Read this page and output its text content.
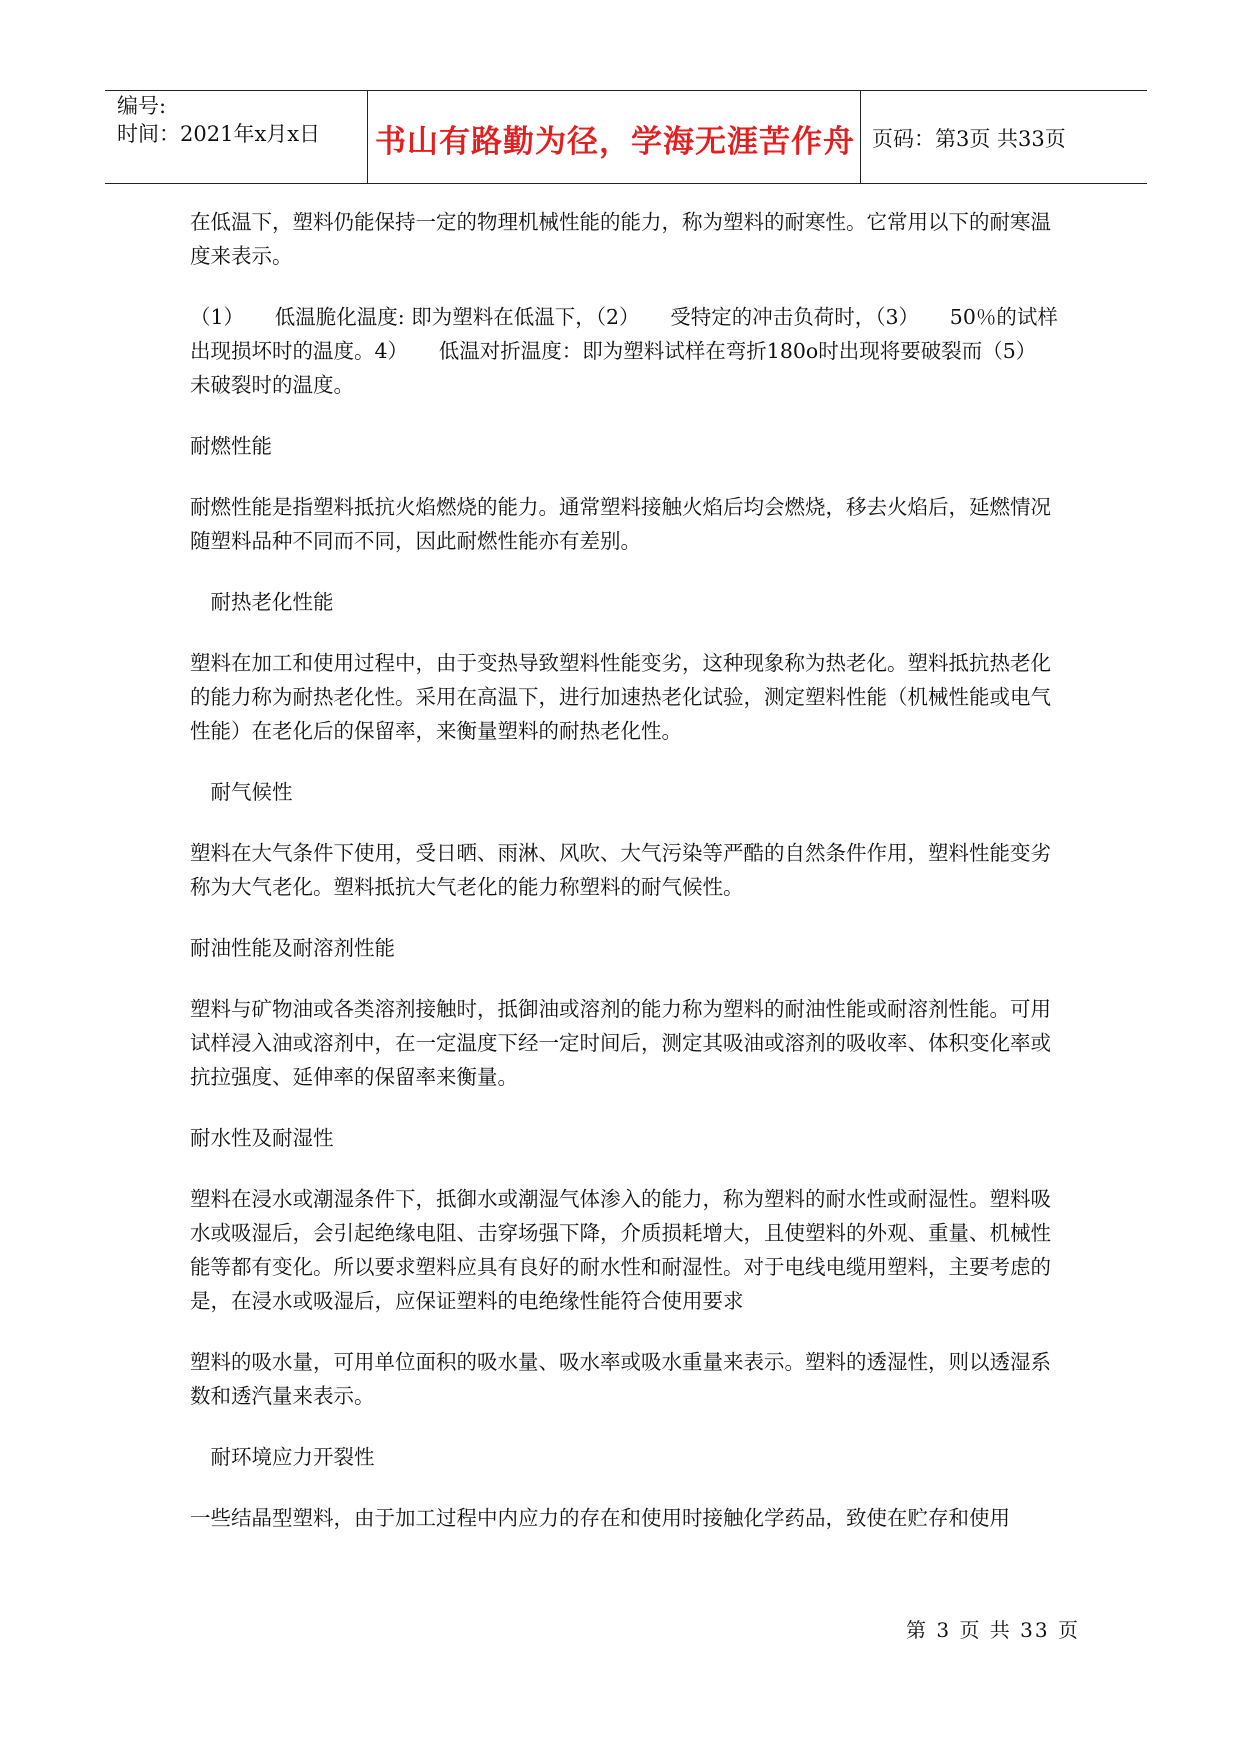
编号:
时间：2021年x月x日	书山有路勤为径，学海无涯苦作舟 页码：第3页 共33页

在低温下，塑料仍能保持一定的物理机械性能的能力，称为塑料的耐寒性。它常用以下的耐寒温度来表示。

（1）　　低温脆化温度: 即为塑料在低温下，（2）　　受特定的冲击负荷时，（3）　　50％的试样出现损坏时的温度。4）　　低温对折温度：即为塑料试样在弯折180o时出现将要破裂而（5）　　未破裂时的温度。

耐燃性能

耐燃性能是指塑料抵抗火焰燃烧的能力。通常塑料接触火焰后均会燃烧，移去火焰后，延燃情况随塑料品种不同而不同，因此耐燃性能亦有差别。

　耐热老化性能

塑料在加工和使用过程中，由于变热导致塑料性能变劣，这种现象称为热老化。塑料抵抗热老化的能力称为耐热老化性。采用在高温下，进行加速热老化试验，测定塑料性能（机械性能或电气性能）在老化后的保留率，来衡量塑料的耐热老化性。

　耐气候性

塑料在大气条件下使用，受日晒、雨淋、风吹、大气污染等严酷的自然条件作用，塑料性能变劣称为大气老化。塑料抵抗大气老化的能力称塑料的耐气候性。

耐油性能及耐溶剂性能

塑料与矿物油或各类溶剂接触时，抵御油或溶剂的能力称为塑料的耐油性能或耐溶剂性能。可用试样浸入油或溶剂中，在一定温度下经一定时间后，测定其吸油或溶剂的吸收率、体积变化率或抗拉强度、延伸率的保留率来衡量。

耐水性及耐湿性

塑料在浸水或潮湿条件下，抵御水或潮湿气体渗入的能力，称为塑料的耐水性或耐湿性。塑料吸水或吸湿后，会引起绝缘电阻、击穿场强下降，介质损耗增大，且使塑料的外观、重量、机械性能等都有变化。所以要求塑料应具有良好的耐水性和耐湿性。对于电线电缆用塑料，主要考虑的是，在浸水或吸湿后，应保证塑料的电绝缘性能符合使用要求

塑料的吸水量，可用单位面积的吸水量、吸水率或吸水重量来表示。塑料的透湿性，则以透湿系数和透汽量来表示。

　耐环境应力开裂性

一些结晶型塑料，由于加工过程中内应力的存在和使用时接触化学药品，致使在贮存和使用

第 3 页 共 33 页
